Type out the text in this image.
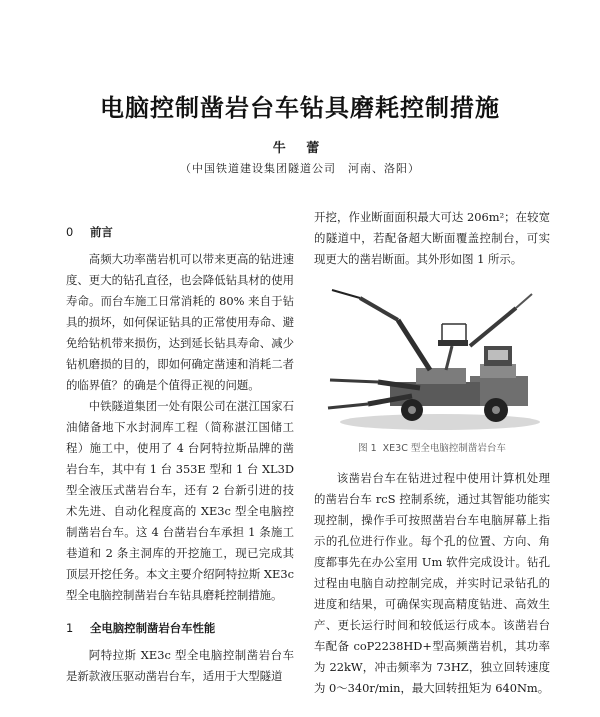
电脑控制凿岩台车钻具磨耗控制措施
牛 蕾
（中国铁道建设集团隧道公司　河南、洛阳）
0 前言

高频大功率凿岩机可以带来更高的钻进速度、更大的钻孔直径，也会降低钻具材的使用寿命。而台车施工日常消耗的 80% 来自于钻具的损坏，如何保证钻具的正常使用寿命、避免给钻机带来损伤，达到延长钻具寿命、减少钻机磨损的目的，即如何确定凿速和消耗二者的临界值？的确是个值得正视的问题。

中铁隧道集团一处有限公司在湛江国家石油储备地下水封洞库工程（简称湛江国储工程）施工中，使用了 4 台阿特拉斯品牌的凿岩台车，其中有 1 台 353E 型和 1 台 XL3D 型全液压式凿岩台车，还有 2 台新引进的技术先进、自动化程度高的 XE3c 型全电脑控制凿岩台车。这 4 台凿岩台车承担 1 条施工巷道和 2 条主洞库的开挖施工，现已完成其顶层开挖任务。本文主要介绍阿特拉斯 XE3c 型全电脑控制凿岩台车钻具磨耗控制措施。

1 全电脑控制凿岩台车性能

阿特拉斯 XE3c 型全电脑控制凿岩台车是新款液压驱动凿岩台车，适用于大型隧道

开挖，作业断面面积最大可达 206m²；在较宽的隧道中，若配备超大断面覆盖控制台，可实现更大的凿岩断面。其外形如图 1 所示。

图 1 XE3C 型全电脑控制凿岩台车

该凿岩台车在钻进过程中使用计算机处理的凿岩台车 rcS 控制系统，通过其智能功能实现控制，操作手可按照凿岩台车电脑屏幕上指示的孔位进行作业。每个孔的位置、方向、角度都事先在办公室用 Um 软件完成设计。钻孔过程由电脑自动控制完成，并实时记录钻孔的进度和结果，可确保实现高精度钻进、高效生产、更长运行时间和较低运行成本。该凿岩台车配备 coP2238HD+型高频凿岩机，其功率为 22kW，冲击频率为 73HZ，独立回转速度为 0～340r/min，最大回转扭矩为 640Nm。
